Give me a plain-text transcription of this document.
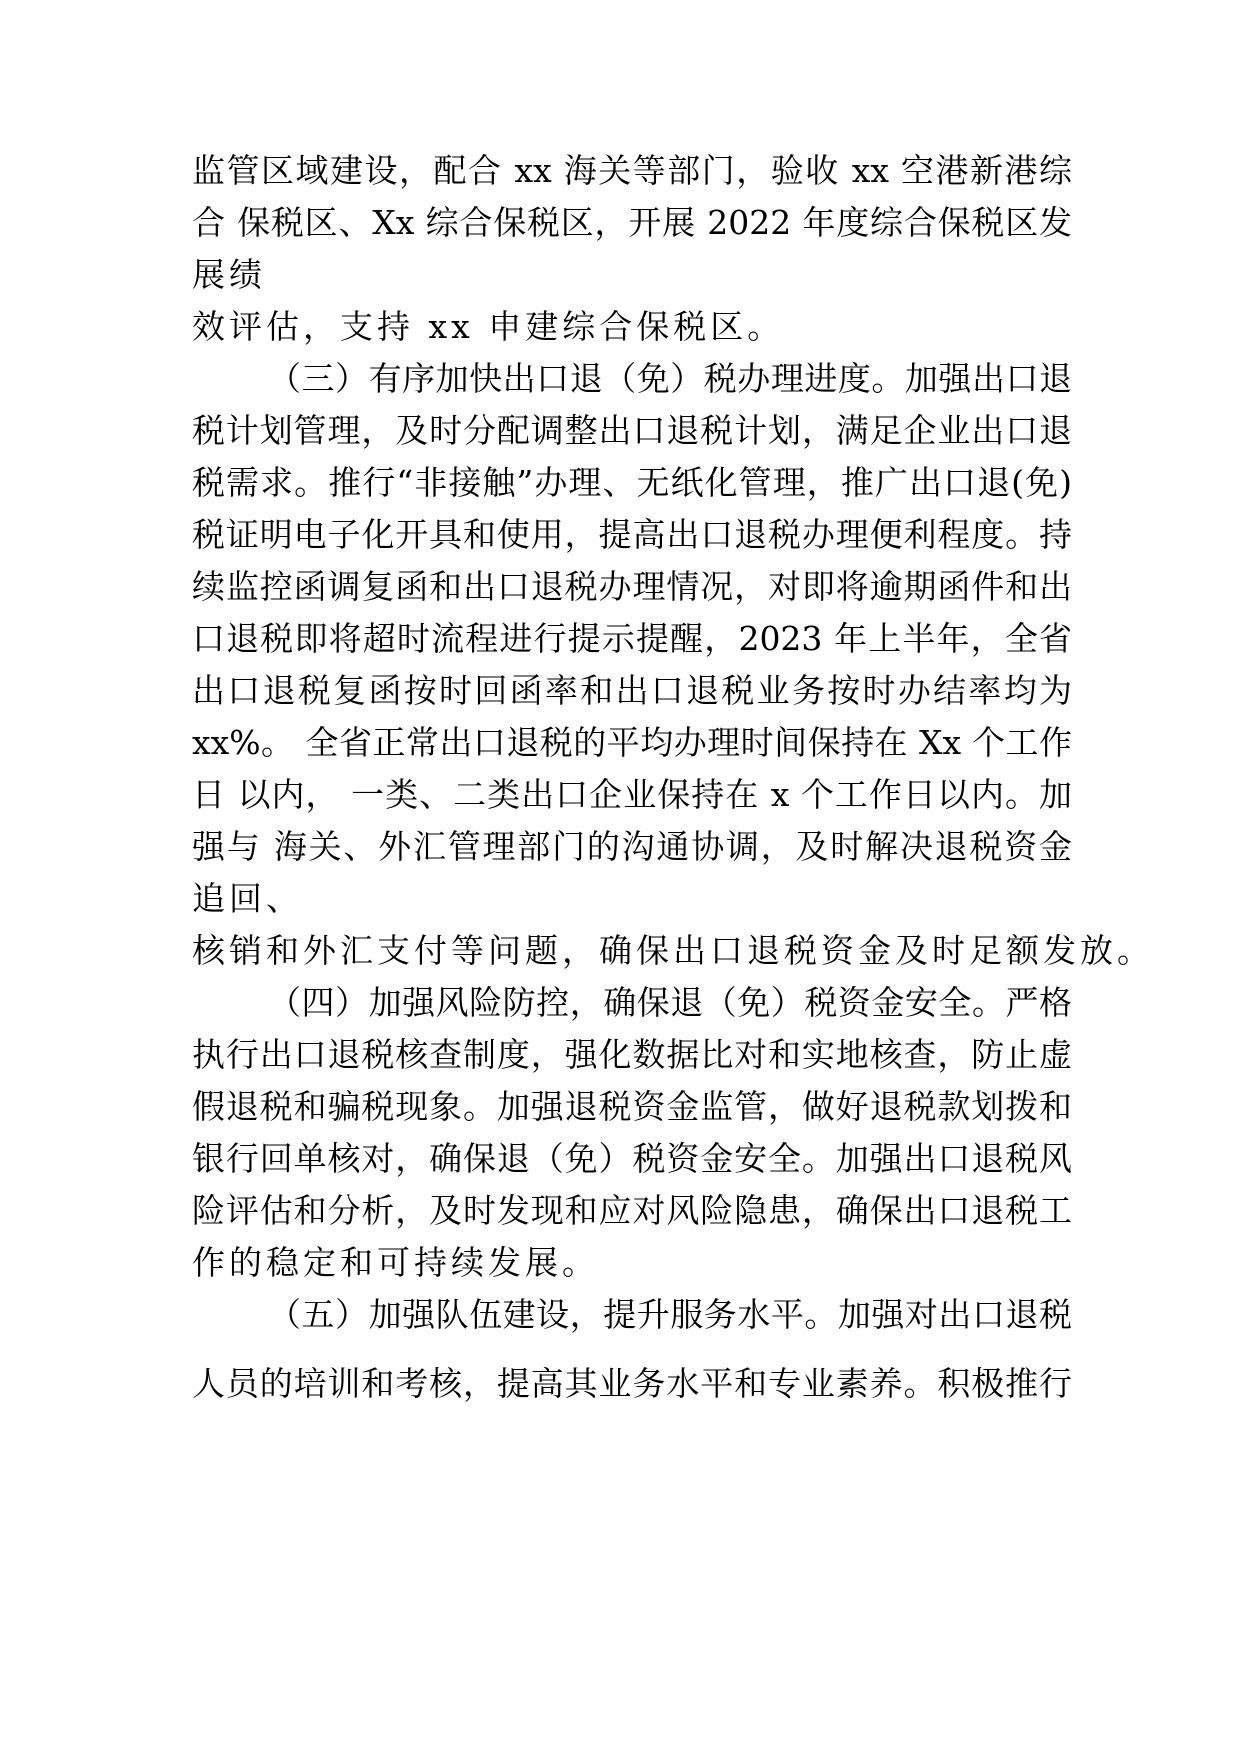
监管区域建设，配合 xx 海关等部门，验收 xx 空港新港综
合 保税区、Xx 综合保税区，开展 2022 年度综合保税区发
展绩
效评估，支持 xx 申建综合保税区。
（三）有序加快出口退（免）税办理进度。加强出口退
税计划管理，及时分配调整出口退税计划，满足企业出口退
税需求。推行“非接触”办理、无纸化管理，推广出口退(免)
税证明电子化开具和使用，提高出口退税办理便利程度。持
续监控函调复函和出口退税办理情况，对即将逾期函件和出
口退税即将超时流程进行提示提醒，2023 年上半年，全省
出口退税复函按时回函率和出口退税业务按时办结率均为
xx%。 全省正常出口退税的平均办理时间保持在 Xx 个工作
日 以内， 一类、二类出口企业保持在 x 个工作日以内。加
强与 海关、外汇管理部门的沟通协调，及时解决退税资金
追回、
核销和外汇支付等问题，确保出口退税资金及时足额发放。
（四）加强风险防控，确保退（免）税资金安全。严格
执行出口退税核查制度，强化数据比对和实地核查，防止虚
假退税和骗税现象。加强退税资金监管，做好退税款划拨和
银行回单核对，确保退（免）税资金安全。加强出口退税风
险评估和分析，及时发现和应对风险隐患，确保出口退税工
作的稳定和可持续发展。
（五）加强队伍建设，提升服务水平。加强对出口退税
人员的培训和考核，提高其业务水平和专业素养。积极推行
